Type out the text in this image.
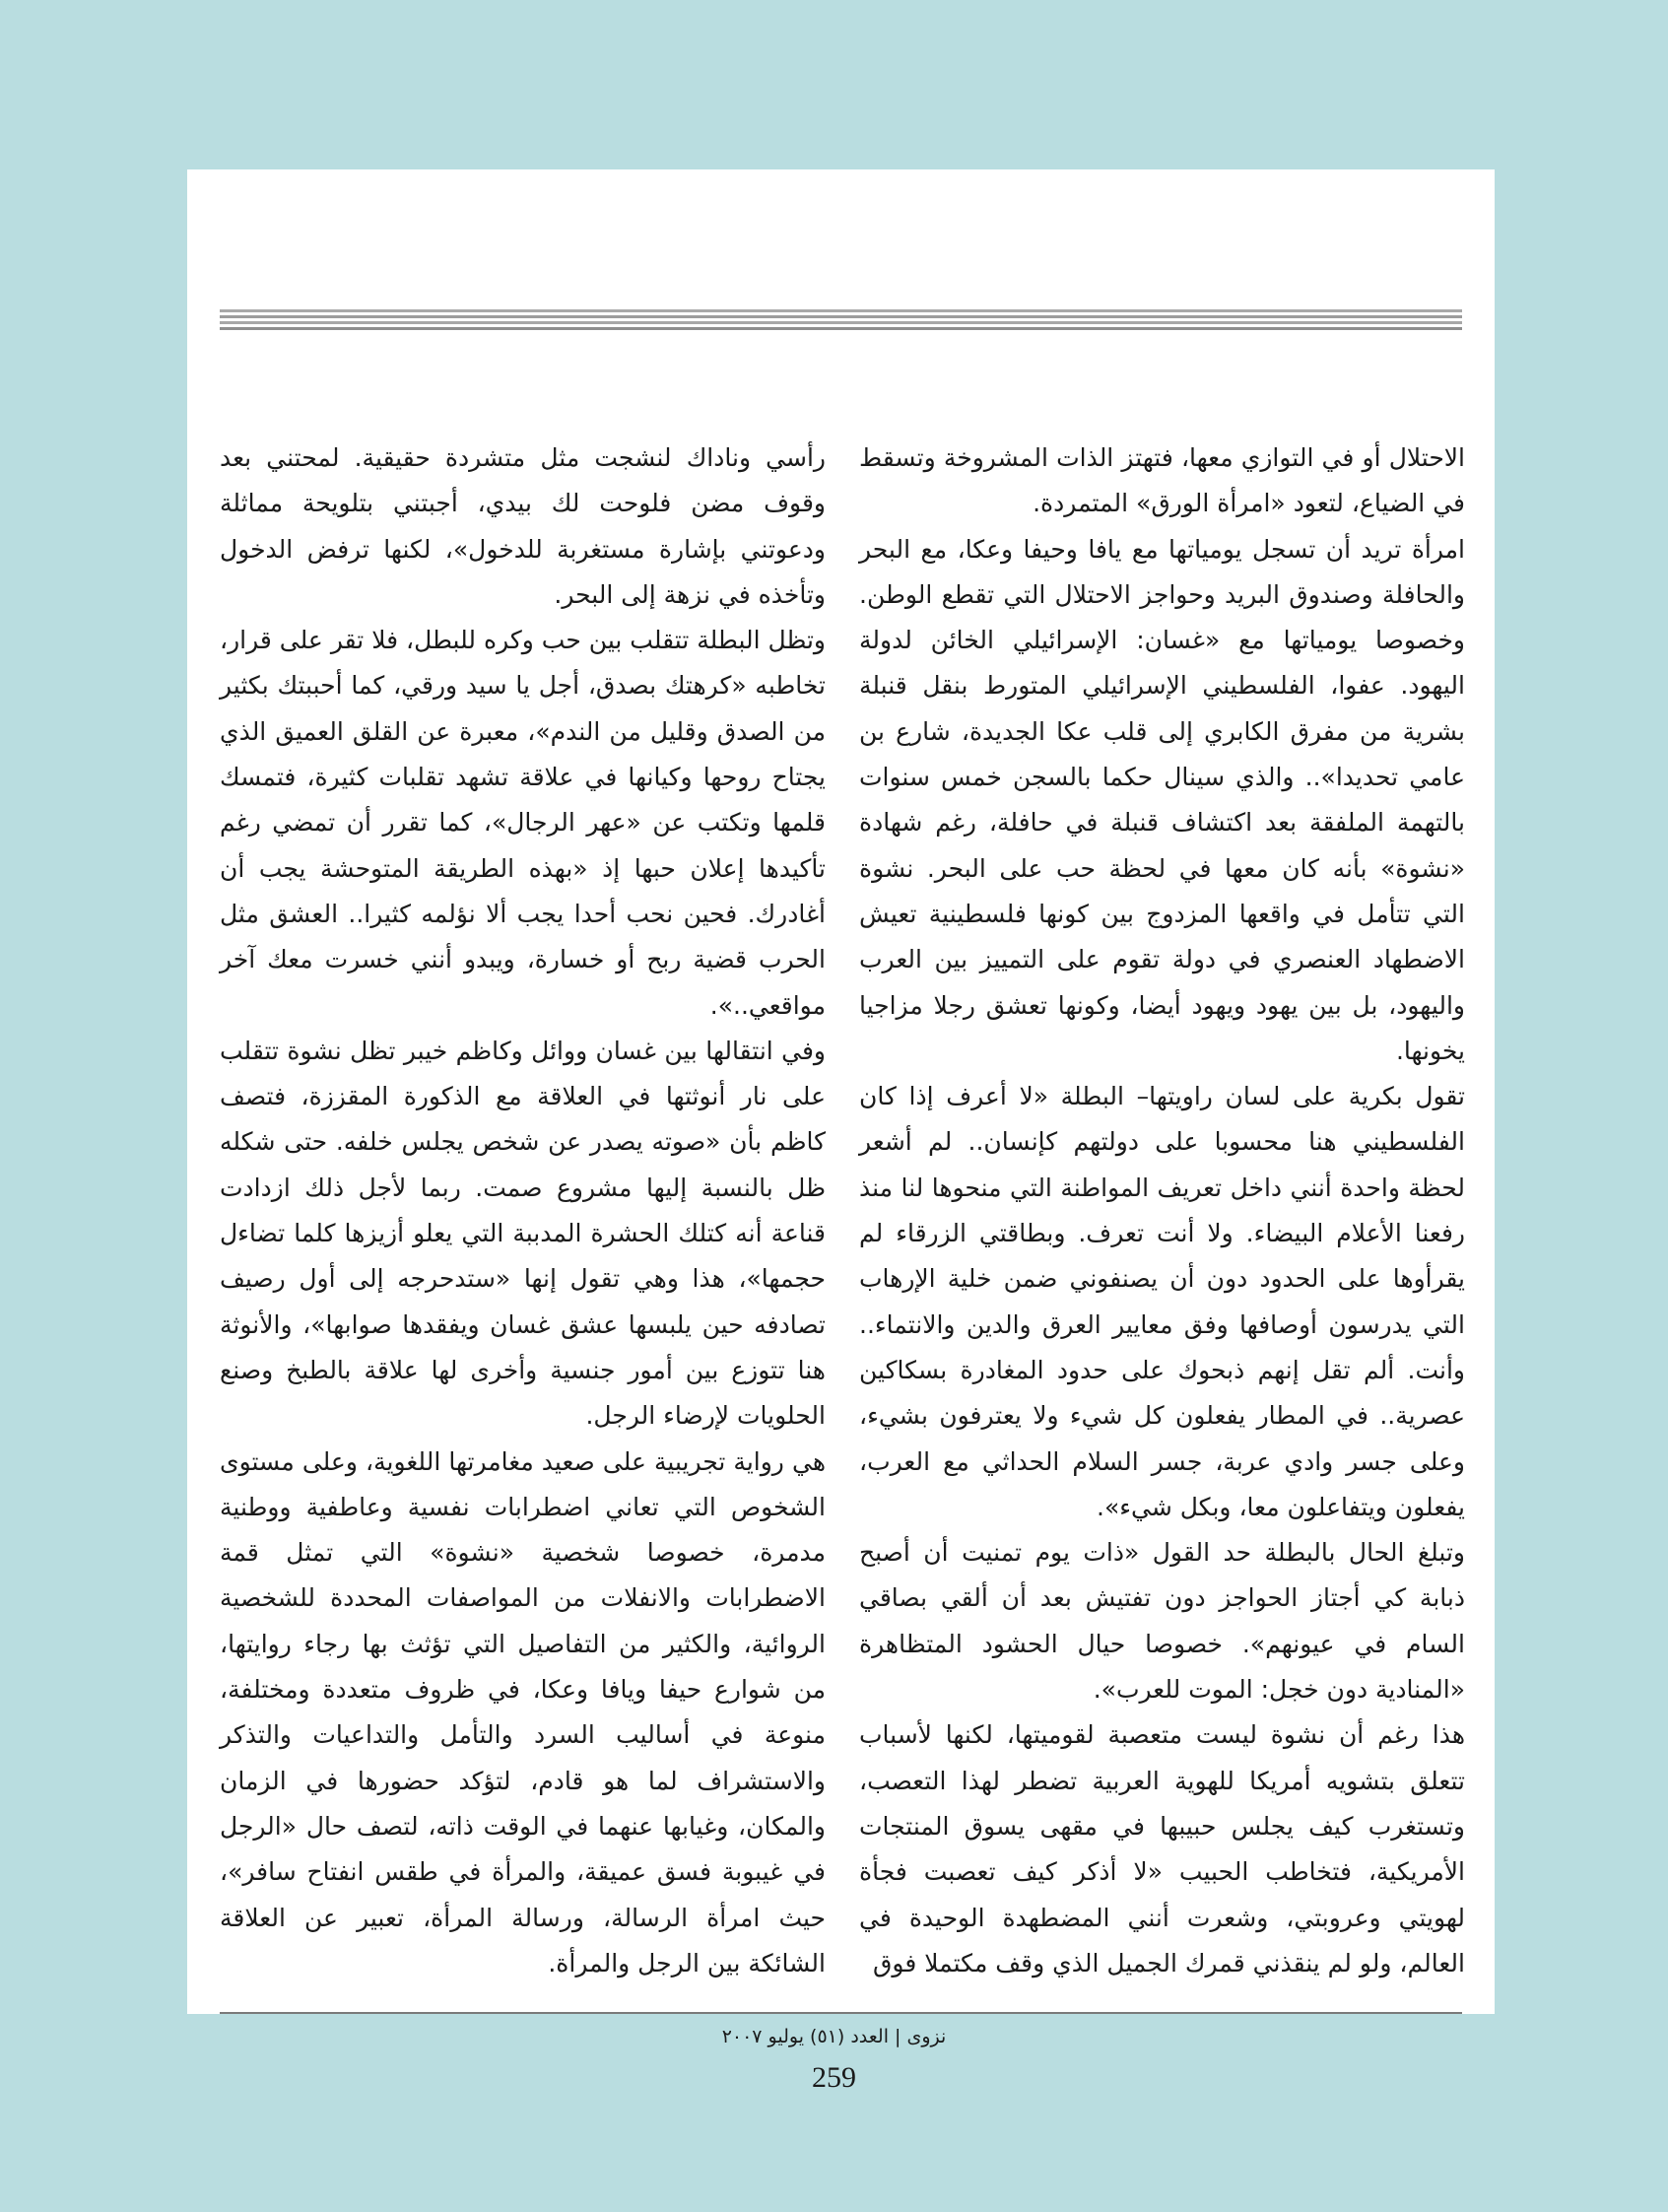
الاحتلال أو في التوازي معها، فتهتز الذات المشروخة وتسقط في الضياع، لتعود «امرأة الورق» المتمردة.

امرأة تريد أن تسجل يومياتها مع يافا وحيفا وعكا، مع البحر والحافلة وصندوق البريد وحواجز الاحتلال التي تقطع الوطن. وخصوصا يومياتها مع «غسان: الإسرائيلي الخائن لدولة اليهود. عفوا، الفلسطيني الإسرائيلي المتورط بنقل قنبلة بشرية من مفرق الكابري إلى قلب عكا الجديدة، شارع بن عامي تحديدا».. والذي سينال حكما بالسجن خمس سنوات بالتهمة الملفقة بعد اكتشاف قنبلة في حافلة، رغم شهادة «نشوة» بأنه كان معها في لحظة حب على البحر. نشوة التي تتأمل في واقعها المزدوج بين كونها فلسطينية تعيش الاضطهاد العنصري في دولة تقوم على التمييز بين العرب واليهود، بل بين يهود ويهود أيضا، وكونها تعشق رجلا مزاجيا يخونها.

تقول بكرية على لسان راويتها– البطلة «لا أعرف إذا كان الفلسطيني هنا محسوبا على دولتهم كإنسان.. لم أشعر لحظة واحدة أنني داخل تعريف المواطنة التي منحوها لنا منذ رفعنا الأعلام البيضاء. ولا أنت تعرف. وبطاقتي الزرقاء لم يقرأوها على الحدود دون أن يصنفوني ضمن خلية الإرهاب التي يدرسون أوصافها وفق معايير العرق والدين والانتماء.. وأنت. ألم تقل إنهم ذبحوك على حدود المغادرة بسكاكين عصرية.. في المطار يفعلون كل شيء ولا يعترفون بشيء، وعلى جسر وادي عربة، جسر السلام الحداثي مع العرب، يفعلون ويتفاعلون معا، وبكل شيء».

وتبلغ الحال بالبطلة حد القول «ذات يوم تمنيت أن أصبح ذبابة كي أجتاز الحواجز دون تفتيش بعد أن ألقي بصاقي السام في عيونهم». خصوصا حيال الحشود المتظاهرة «المنادية دون خجل: الموت للعرب».

هذا رغم أن نشوة ليست متعصبة لقوميتها، لكنها لأسباب تتعلق بتشويه أمريكا للهوية العربية تضطر لهذا التعصب، وتستغرب كيف يجلس حبيبها في مقهى يسوق المنتجات الأمريكية، فتخاطب الحبيب «لا أذكر كيف تعصبت فجأة لهويتي وعروبتي، وشعرت أنني المضطهدة الوحيدة في العالم، ولو لم ينقذني قمرك الجميل الذي وقف مكتملا فوق

رأسي وناداك لنشجت مثل متشردة حقيقية. لمحتني بعد وقوف مضن فلوحت لك بيدي، أجبتني بتلويحة مماثلة ودعوتني بإشارة مستغربة للدخول»، لكنها ترفض الدخول وتأخذه في نزهة إلى البحر.

وتظل البطلة تتقلب بين حب وكره للبطل، فلا تقر على قرار، تخاطبه «كرهتك بصدق، أجل يا سيد ورقي، كما أحببتك بكثير من الصدق وقليل من الندم»، معبرة عن القلق العميق الذي يجتاح روحها وكيانها في علاقة تشهد تقلبات كثيرة، فتمسك قلمها وتكتب عن «عهر الرجال»، كما تقرر أن تمضي رغم تأكيدها إعلان حبها إذ «بهذه الطريقة المتوحشة يجب أن أغادرك. فحين نحب أحدا يجب ألا نؤلمه كثيرا.. العشق مثل الحرب قضية ربح أو خسارة، ويبدو أنني خسرت معك آخر مواقعي..».

وفي انتقالها بين غسان ووائل وكاظم خيبر تظل نشوة تتقلب على نار أنوثتها في العلاقة مع الذكورة المقززة، فتصف كاظم بأن «صوته يصدر عن شخص يجلس خلفه. حتى شكله ظل بالنسبة إليها مشروع صمت. ربما لأجل ذلك ازدادت قناعة أنه كتلك الحشرة المدببة التي يعلو أزيزها كلما تضاءل حجمها»، هذا وهي تقول إنها «ستدحرجه إلى أول رصيف تصادفه حين يلبسها عشق غسان ويفقدها صوابها»، والأنوثة هنا تتوزع بين أمور جنسية وأخرى لها علاقة بالطبخ وصنع الحلويات لإرضاء الرجل.

هي رواية تجريبية على صعيد مغامرتها اللغوية، وعلى مستوى الشخوص التي تعاني اضطرابات نفسية وعاطفية ووطنية مدمرة، خصوصا شخصية «نشوة» التي تمثل قمة الاضطرابات والانفلات من المواصفات المحددة للشخصية الروائية، والكثير من التفاصيل التي تؤثث بها رجاء روايتها، من شوارع حيفا ويافا وعكا، في ظروف متعددة ومختلفة، منوعة في أساليب السرد والتأمل والتداعيات والتذكر والاستشراف لما هو قادم، لتؤكد حضورها في الزمان والمكان، وغيابها عنهما في الوقت ذاته، لتصف حال «الرجل في غيبوبة فسق عميقة، والمرأة في طقس انفتاح سافر»، حيث امرأة الرسالة، ورسالة المرأة، تعبير عن العلاقة الشائكة بين الرجل والمرأة.

نزوى | العدد (٥١) يوليو ٢٠٠٧
259
